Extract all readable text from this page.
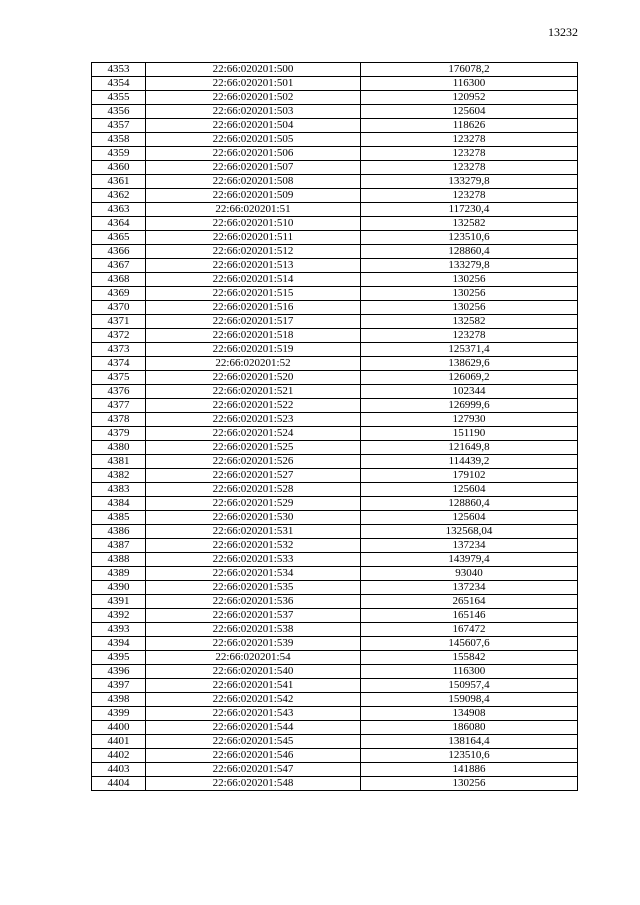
13232
4353	22:66:020201:500	176078,2
4354	22:66:020201:501	116300
4355	22:66:020201:502	120952
4356	22:66:020201:503	125604
4357	22:66:020201:504	118626
4358	22:66:020201:505	123278
4359	22:66:020201:506	123278
4360	22:66:020201:507	123278
4361	22:66:020201:508	133279,8
4362	22:66:020201:509	123278
4363	22:66:020201:51	117230,4
4364	22:66:020201:510	132582
4365	22:66:020201:511	123510,6
4366	22:66:020201:512	128860,4
4367	22:66:020201:513	133279,8
4368	22:66:020201:514	130256
4369	22:66:020201:515	130256
4370	22:66:020201:516	130256
4371	22:66:020201:517	132582
4372	22:66:020201:518	123278
4373	22:66:020201:519	125371,4
4374	22:66:020201:52	138629,6
4375	22:66:020201:520	126069,2
4376	22:66:020201:521	102344
4377	22:66:020201:522	126999,6
4378	22:66:020201:523	127930
4379	22:66:020201:524	151190
4380	22:66:020201:525	121649,8
4381	22:66:020201:526	114439,2
4382	22:66:020201:527	179102
4383	22:66:020201:528	125604
4384	22:66:020201:529	128860,4
4385	22:66:020201:530	125604
4386	22:66:020201:531	132568,04
4387	22:66:020201:532	137234
4388	22:66:020201:533	143979,4
4389	22:66:020201:534	93040
4390	22:66:020201:535	137234
4391	22:66:020201:536	265164
4392	22:66:020201:537	165146
4393	22:66:020201:538	167472
4394	22:66:020201:539	145607,6
4395	22:66:020201:54	155842
4396	22:66:020201:540	116300
4397	22:66:020201:541	150957,4
4398	22:66:020201:542	159098,4
4399	22:66:020201:543	134908
4400	22:66:020201:544	186080
4401	22:66:020201:545	138164,4
4402	22:66:020201:546	123510,6
4403	22:66:020201:547	141886
4404	22:66:020201:548	130256
